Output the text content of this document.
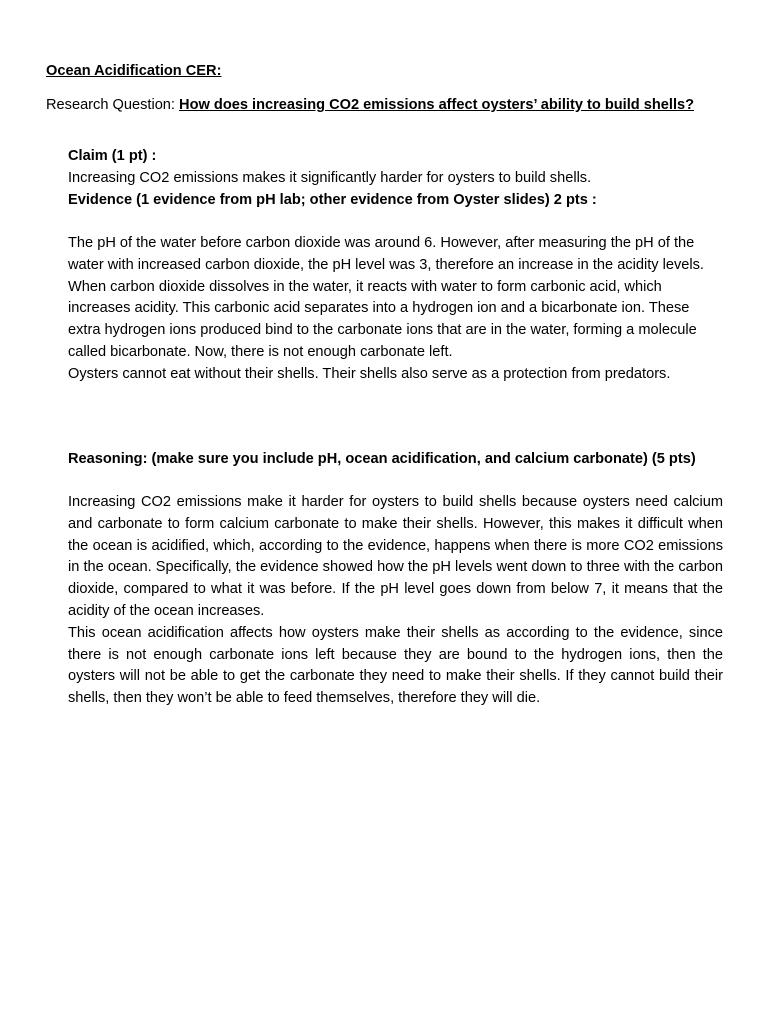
Ocean Acidification CER:
Research Question: How does increasing CO2 emissions affect oysters’ ability to build shells?
Claim (1 pt) :
Increasing CO2 emissions makes it significantly harder for oysters to build shells.
Evidence (1 evidence from pH lab; other evidence from Oyster slides) 2 pts :

The pH of the water before carbon dioxide was around 6. However, after measuring the pH of the water with increased carbon dioxide, the pH level was 3, therefore an increase in the acidity levels.

When carbon dioxide dissolves in the water, it reacts with water to form carbonic acid, which increases acidity. This carbonic acid separates into a hydrogen ion and a bicarbonate ion. These extra hydrogen ions produced bind to the carbonate ions that are in the water, forming a molecule called bicarbonate. Now, there is not enough carbonate left.

Oysters cannot eat without their shells. Their shells also serve as a protection from predators.

Reasoning: (make sure you include pH, ocean acidification, and calcium carbonate) (5 pts)

Increasing CO2 emissions make it harder for oysters to build shells because oysters need calcium and carbonate to form calcium carbonate to make their shells. However, this makes it difficult when the ocean is acidified, which, according to the evidence, happens when there is more CO2 emissions in the ocean. Specifically, the evidence showed how the pH levels went down to three with the carbon dioxide, compared to what it was before. If the pH level goes down from below 7, it means that the acidity of the ocean increases.

This ocean acidification affects how oysters make their shells as according to the evidence, since there is not enough carbonate ions left because they are bound to the hydrogen ions, then the oysters will not be able to get the carbonate they need to make their shells. If they cannot build their shells, then they won’t be able to feed themselves, therefore they will die.
